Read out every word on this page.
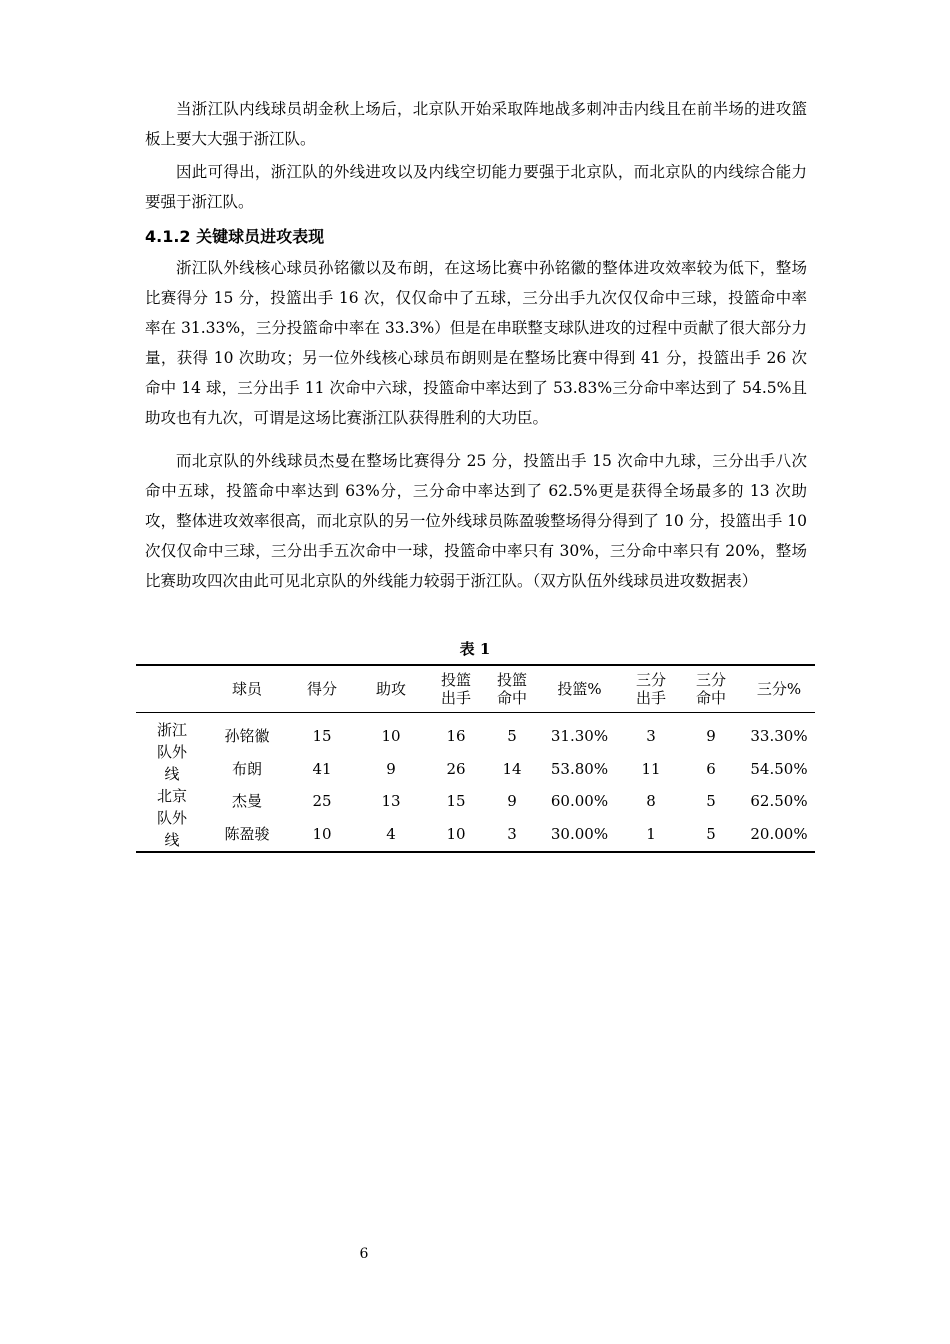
当浙江队内线球员胡金秋上场后，北京队开始采取阵地战多刺冲击内线且在前半场的进攻篮板上要大大强于浙江队。

因此可得出，浙江队的外线进攻以及内线空切能力要强于北京队，而北京队的内线综合能力要强于浙江队。

4.1.2 关键球员进攻表现

浙江队外线核心球员孙铭徽以及布朗，在这场比赛中孙铭徽的整体进攻效率较为低下，整场比赛得分 15 分，投篮出手 16 次，仅仅命中了五球，三分出手九次仅仅命中三球，投篮命中率率在 31.33%，三分投篮命中率在 33.3%）但是在串联整支球队进攻的过程中贡献了很大部分力量，获得 10 次助攻；另一位外线核心球员布朗则是在整场比赛中得到 41 分，投篮出手 26 次命中 14 球，三分出手 11 次命中六球，投篮命中率达到了 53.83%三分命中率达到了 54.5%且助攻也有九次，可谓是这场比赛浙江队获得胜利的大功臣。

而北京队的外线球员杰曼在整场比赛得分 25 分，投篮出手 15 次命中九球，三分出手八次命中五球，投篮命中率达到 63%分，三分命中率达到了 62.5%更是获得全场最多的 13 次助攻，整体进攻效率很高，而北京队的另一位外线球员陈盈骏整场得分得到了 10 分，投篮出手 10 次仅仅命中三球，三分出手五次命中一球，投篮命中率只有 30%，三分命中率只有 20%，整场比赛助攻四次由此可见北京队的外线能力较弱于浙江队。（双方队伍外线球员进攻数据表）

表 1
	球员	得分	助攻	投篮出手	投篮命中	投篮%	三分出手	三分命中	三分%
浙江队外线	孙铭徽	15	10	16	5	31.30%	3	9	33.30%
	布朗	41	9	26	14	53.80%	11	6	54.50%
北京队外线	杰曼	25	13	15	9	60.00%	8	5	62.50%
	陈盈骏	10	4	10	3	30.00%	1	5	20.00%
6
